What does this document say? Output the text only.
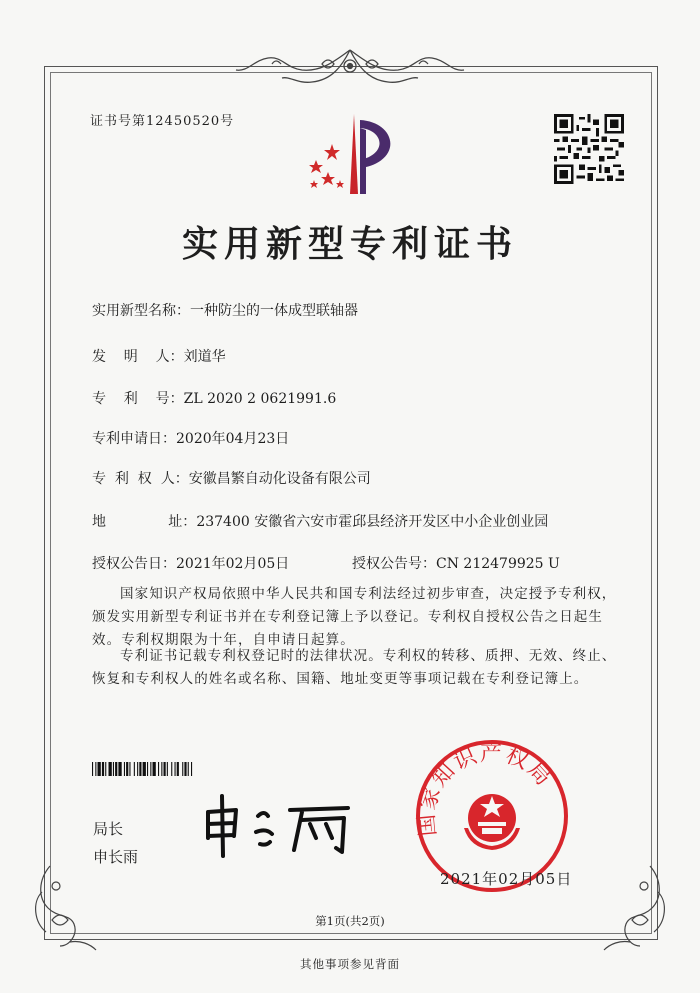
证书号第12450520号
实用新型专利证书
实用新型名称：一种防尘的一体成型联轴器
发    明    人：刘道华
专    利    号：ZL 2020 2 0621991.6
专利申请日：2020年04月23日
专  利  权  人：安徽昌繁自动化设备有限公司
地              址：237400 安徽省六安市霍邱县经济开发区中小企业创业园
授权公告日：2021年02月05日	授权公告号：CN 212479925 U
国家知识产权局依照中华人民共和国专利法经过初步审查，决定授予专利权，颁发实用新型专利证书并在专利登记簿上予以登记。专利权自授权公告之日起生效。专利权期限为十年，自申请日起算。
专利证书记载专利权登记时的法律状况。专利权的转移、质押、无效、终止、恢复和专利权人的姓名或名称、国籍、地址变更等事项记载在专利登记簿上。
局长
申长雨
国家知识产权局
2021年02月05日
第1页(共2页)
其他事项参见背面
